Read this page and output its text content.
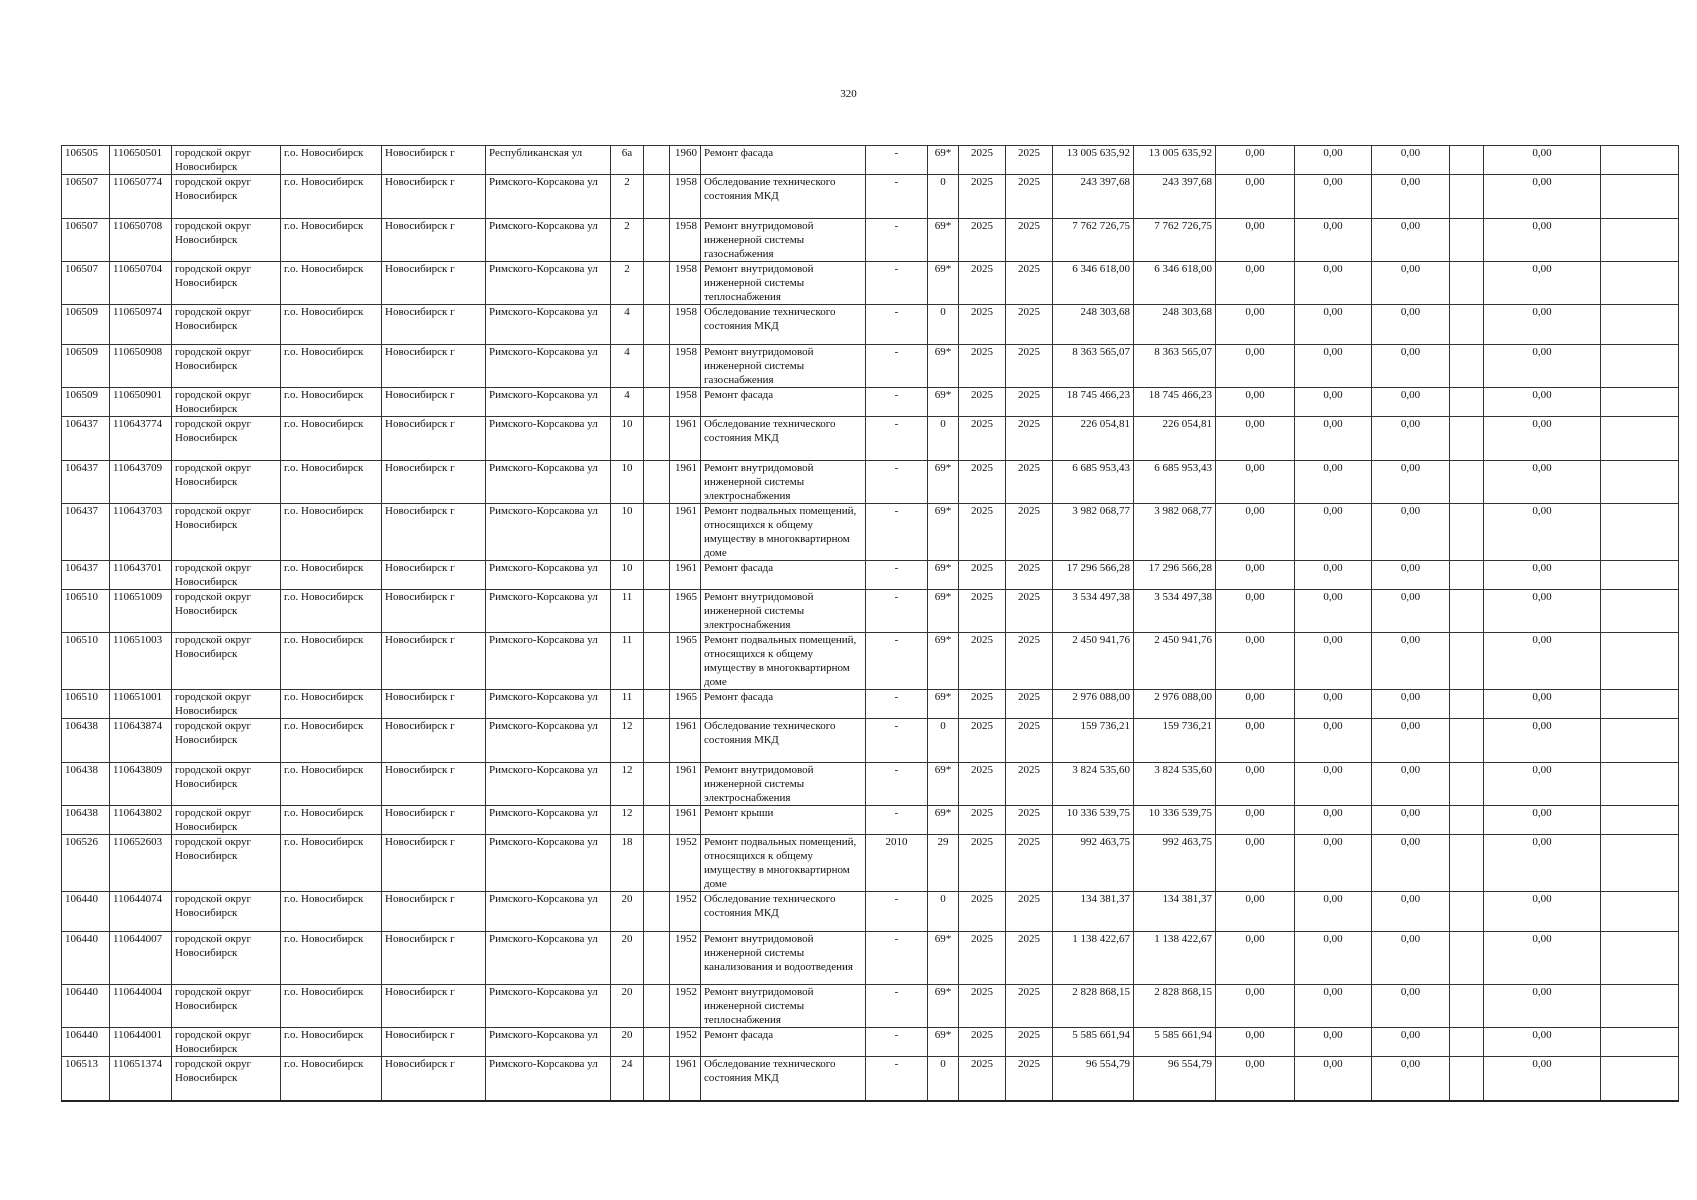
320
106505	110650501	городской округ Новосибирск	г.о. Новосибирск	Новосибирск г	Республиканская ул	6а		1960	Ремонт фасада	-	69*	2025	2025	13 005 635,92	13 005 635,92	0,00	0,00	0,00		0,00	
106507	110650774	городской округ Новосибирск	г.о. Новосибирск	Новосибирск г	Римского-Корсакова ул	2		1958	Обследование технического состояния МКД	-	0	2025	2025	243 397,68	243 397,68	0,00	0,00	0,00		0,00	
106507	110650708	городской округ Новосибирск	г.о. Новосибирск	Новосибирск г	Римского-Корсакова ул	2		1958	Ремонт внутридомовой инженерной системы газоснабжения	-	69*	2025	2025	7 762 726,75	7 762 726,75	0,00	0,00	0,00		0,00	
106507	110650704	городской округ Новосибирск	г.о. Новосибирск	Новосибирск г	Римского-Корсакова ул	2		1958	Ремонт внутридомовой инженерной системы теплоснабжения	-	69*	2025	2025	6 346 618,00	6 346 618,00	0,00	0,00	0,00		0,00	
106509	110650974	городской округ Новосибирск	г.о. Новосибирск	Новосибирск г	Римского-Корсакова ул	4		1958	Обследование технического состояния МКД	-	0	2025	2025	248 303,68	248 303,68	0,00	0,00	0,00		0,00	
106509	110650908	городской округ Новосибирск	г.о. Новосибирск	Новосибирск г	Римского-Корсакова ул	4		1958	Ремонт внутридомовой инженерной системы газоснабжения	-	69*	2025	2025	8 363 565,07	8 363 565,07	0,00	0,00	0,00		0,00	
106509	110650901	городской округ Новосибирск	г.о. Новосибирск	Новосибирск г	Римского-Корсакова ул	4		1958	Ремонт фасада	-	69*	2025	2025	18 745 466,23	18 745 466,23	0,00	0,00	0,00		0,00	
106437	110643774	городской округ Новосибирск	г.о. Новосибирск	Новосибирск г	Римского-Корсакова ул	10		1961	Обследование технического состояния МКД	-	0	2025	2025	226 054,81	226 054,81	0,00	0,00	0,00		0,00	
106437	110643709	городской округ Новосибирск	г.о. Новосибирск	Новосибирск г	Римского-Корсакова ул	10		1961	Ремонт внутридомовой инженерной системы электроснабжения	-	69*	2025	2025	6 685 953,43	6 685 953,43	0,00	0,00	0,00		0,00	
106437	110643703	городской округ Новосибирск	г.о. Новосибирск	Новосибирск г	Римского-Корсакова ул	10		1961	Ремонт подвальных помещений, относящихся к общему имуществу в многоквартирном доме	-	69*	2025	2025	3 982 068,77	3 982 068,77	0,00	0,00	0,00		0,00	
106437	110643701	городской округ Новосибирск	г.о. Новосибирск	Новосибирск г	Римского-Корсакова ул	10		1961	Ремонт фасада	-	69*	2025	2025	17 296 566,28	17 296 566,28	0,00	0,00	0,00		0,00	
106510	110651009	городской округ Новосибирск	г.о. Новосибирск	Новосибирск г	Римского-Корсакова ул	11		1965	Ремонт внутридомовой инженерной системы электроснабжения	-	69*	2025	2025	3 534 497,38	3 534 497,38	0,00	0,00	0,00		0,00	
106510	110651003	городской округ Новосибирск	г.о. Новосибирск	Новосибирск г	Римского-Корсакова ул	11		1965	Ремонт подвальных помещений, относящихся к общему имуществу в многоквартирном доме	-	69*	2025	2025	2 450 941,76	2 450 941,76	0,00	0,00	0,00		0,00	
106510	110651001	городской округ Новосибирск	г.о. Новосибирск	Новосибирск г	Римского-Корсакова ул	11		1965	Ремонт фасада	-	69*	2025	2025	2 976 088,00	2 976 088,00	0,00	0,00	0,00		0,00	
106438	110643874	городской округ Новосибирск	г.о. Новосибирск	Новосибирск г	Римского-Корсакова ул	12		1961	Обследование технического состояния МКД	-	0	2025	2025	159 736,21	159 736,21	0,00	0,00	0,00		0,00	
106438	110643809	городской округ Новосибирск	г.о. Новосибирск	Новосибирск г	Римского-Корсакова ул	12		1961	Ремонт внутридомовой инженерной системы электроснабжения	-	69*	2025	2025	3 824 535,60	3 824 535,60	0,00	0,00	0,00		0,00	
106438	110643802	городской округ Новосибирск	г.о. Новосибирск	Новосибирск г	Римского-Корсакова ул	12		1961	Ремонт крыши	-	69*	2025	2025	10 336 539,75	10 336 539,75	0,00	0,00	0,00		0,00	
106526	110652603	городской округ Новосибирск	г.о. Новосибирск	Новосибирск г	Римского-Корсакова ул	18		1952	Ремонт подвальных помещений, относящихся к общему имуществу в многоквартирном доме	2010	29	2025	2025	992 463,75	992 463,75	0,00	0,00	0,00		0,00	
106440	110644074	городской округ Новосибирск	г.о. Новосибирск	Новосибирск г	Римского-Корсакова ул	20		1952	Обследование технического состояния МКД	-	0	2025	2025	134 381,37	134 381,37	0,00	0,00	0,00		0,00	
106440	110644007	городской округ Новосибирск	г.о. Новосибирск	Новосибирск г	Римского-Корсакова ул	20		1952	Ремонт внутридомовой инженерной системы канализования и водоотведения	-	69*	2025	2025	1 138 422,67	1 138 422,67	0,00	0,00	0,00		0,00	
106440	110644004	городской округ Новосибирск	г.о. Новосибирск	Новосибирск г	Римского-Корсакова ул	20		1952	Ремонт внутридомовой инженерной системы теплоснабжения	-	69*	2025	2025	2 828 868,15	2 828 868,15	0,00	0,00	0,00		0,00	
106440	110644001	городской округ Новосибирск	г.о. Новосибирск	Новосибирск г	Римского-Корсакова ул	20		1952	Ремонт фасада	-	69*	2025	2025	5 585 661,94	5 585 661,94	0,00	0,00	0,00		0,00	
106513	110651374	городской округ Новосибирск	г.о. Новосибирск	Новосибирск г	Римского-Корсакова ул	24		1961	Обследование технического состояния МКД	-	0	2025	2025	96 554,79	96 554,79	0,00	0,00	0,00		0,00	
